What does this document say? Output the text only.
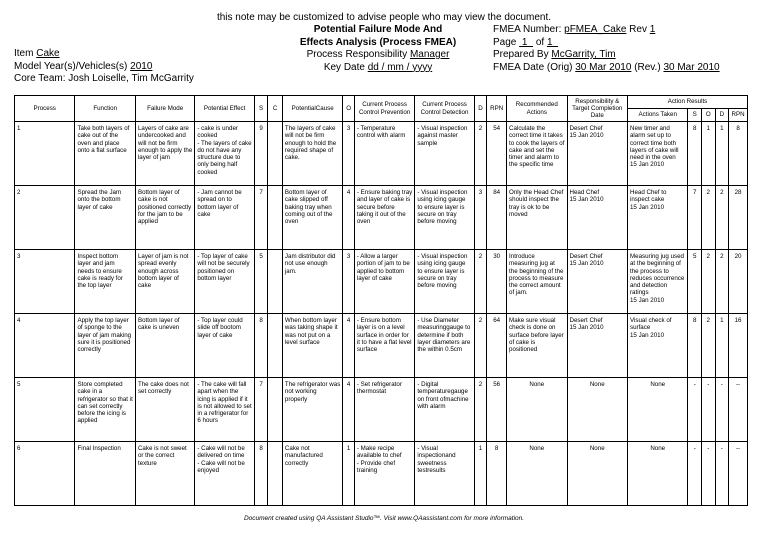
this note may be customized to advise people who may view the document.
Potential Failure Mode And
Effects Analysis (Process FMEA)
Process Responsibility Manager
Key Date dd / mm / yyyy
Item Cake
Model Year(s)/Vehicles(s) 2010
Core Team: Josh Loiselle, Tim McGarrity
FMEA Number: pFMEA_Cake Rev 1
Page 1 of 1
Prepared By McGarrity, Tim
FMEA Date (Orig) 30 Mar 2010 (Rev.) 30 Mar 2010
Process	Function	Failure Mode	Potential Effect	S	C	PotentialCause	O	Current Process Control Prevention	Current Process Control Detection	D	RPN	Recommended Actions	Responsibility & Target Completion Date	Action Results				
														Actions Taken	S	O	D	RPN
1	Take both layers of cake out of the oven and place onto a flat surface	Layers of cake are undercooked and will not be firm enough to apply the layer of jam	- cake is under cooked
- The layers of cake do not have any structure due to only being half cooked	9		The layers of cake will not be firm enough to hold the required shape of cake.	3	- Temperature control with alarm	- Visual inspection against master sample	2	54	Calculate the correct time it takes to cook the layers of cake and set the timer and alarm to the specific time	Desert Chef
15 Jan 2010	New timer and alarm set up to correct time both layers of cake will need in the oven
15 Jan 2010	8	1	1	8
2	Spread the Jam onto the bottom layer of cake	Bottom layer of cake is not positioned correctly for the jam to be applied	- Jam cannot be spread on to bottom layer of cake	7		Bottom layer of cake slipped off baking tray when coming out of the oven	4	- Ensure baking tray and layer of cake is secure before taking it out of the oven	- Visual inspection using icing gauge to ensure layer is secure on tray before moving	3	84	Only the Head Chef should inspect the tray is ok to be moved	Head Chef
15 Jan 2010	Head Chef to inspect cake
15 Jan 2010	7	2	2	28
3	Inspect bottom layer and jam needs to ensure cake is ready for the top layer	Layer of jam is not spread evenly enough across bottom layer of cake	- Top layer of cake will not be securely positioned on bottom layer	5		Jam distributor did not use enough jam.	3	- Allow a larger portion of jam to be applied to bottom layer of cake	- Visual inspection using icing gauge to ensure layer is secure on tray before moving	2	30	Introduce measuring jug at the beginning of the process to measure the correct amount of jam.	Desert Chef
15 Jan 2010	Measuring jug used at the beginning of the process to reduces occurrence and detection ratings
15 Jan 2010	5	2	2	20
4	Apply the top layer of sponge to the layer of jam making sure it is positioned correctly	Bottom layer of cake is uneven	- Top layer could slide off bootom layer of cake	8		When bottom layer was taking shape it was not put on a level surface	4	- Ensure bottom layer is on a level surface in order for it to have a flat level surface	- Use Diameter measuringgauge to determine if both layer diameters are the within 0.5cm	2	64	Make sure visual check is done on surface before layer of cake is positioned	Desert Chef
15 Jan 2010	Visual check of surface
15 Jan 2010	8	2	1	16
5	Store completed cake in a refrigerator so that it can set correctly before the icing is applied	The cake does not set correctly	- The cake will fall apart when the icing is applied if it is not allowed to set in a refrigerator for 6 hours	7		The refrigerator was not working properly	4	- Set refrigerator thermostat	- Digital temperaturegauge on front ofmachine with alarm	2	56	None	None	None	-	-	-	--
6	Final Inspection	Cake is not sweet or the correct texture	- Cake will not be delivered on time
- Cake will not be enjoyed	8		Cake not manufactured correctly	1	- Make recipe available to chef
- Provide chef training	- Visual inspectionand sweetness testresults	1	8	None	None	None	-	-	-	--
Document created using QA Assistant Studio™. Visit www.QAassistant.com for more information.
